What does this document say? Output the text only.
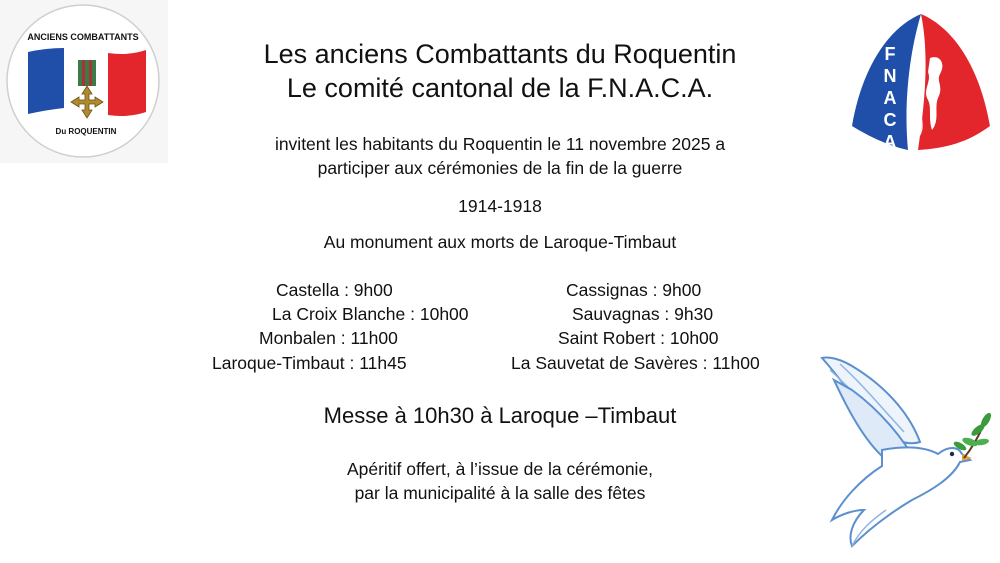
ANCIENS COMBATTANTS
Du ROQUENTIN
F
N
A
C
A
Les anciens Combattants du Roquentin
Le comité cantonal de la F.N.A.C.A.
invitent les habitants du Roquentin le 11 novembre 2025 a
participer aux cérémonies de la fin de la guerre
1914-1918
Au monument aux morts de Laroque-Timbaut
Castella : 9h00
La Croix Blanche : 10h00
Monbalen : 11h00
Laroque-Timbaut : 11h45
Cassignas : 9h00
Sauvagnas : 9h30
Saint Robert : 10h00
La Sauvetat de Savères : 11h00
Messe à 10h30 à Laroque –Timbaut
Apéritif offert, à l’issue de la cérémonie,
par la municipalité à la salle des fêtes
